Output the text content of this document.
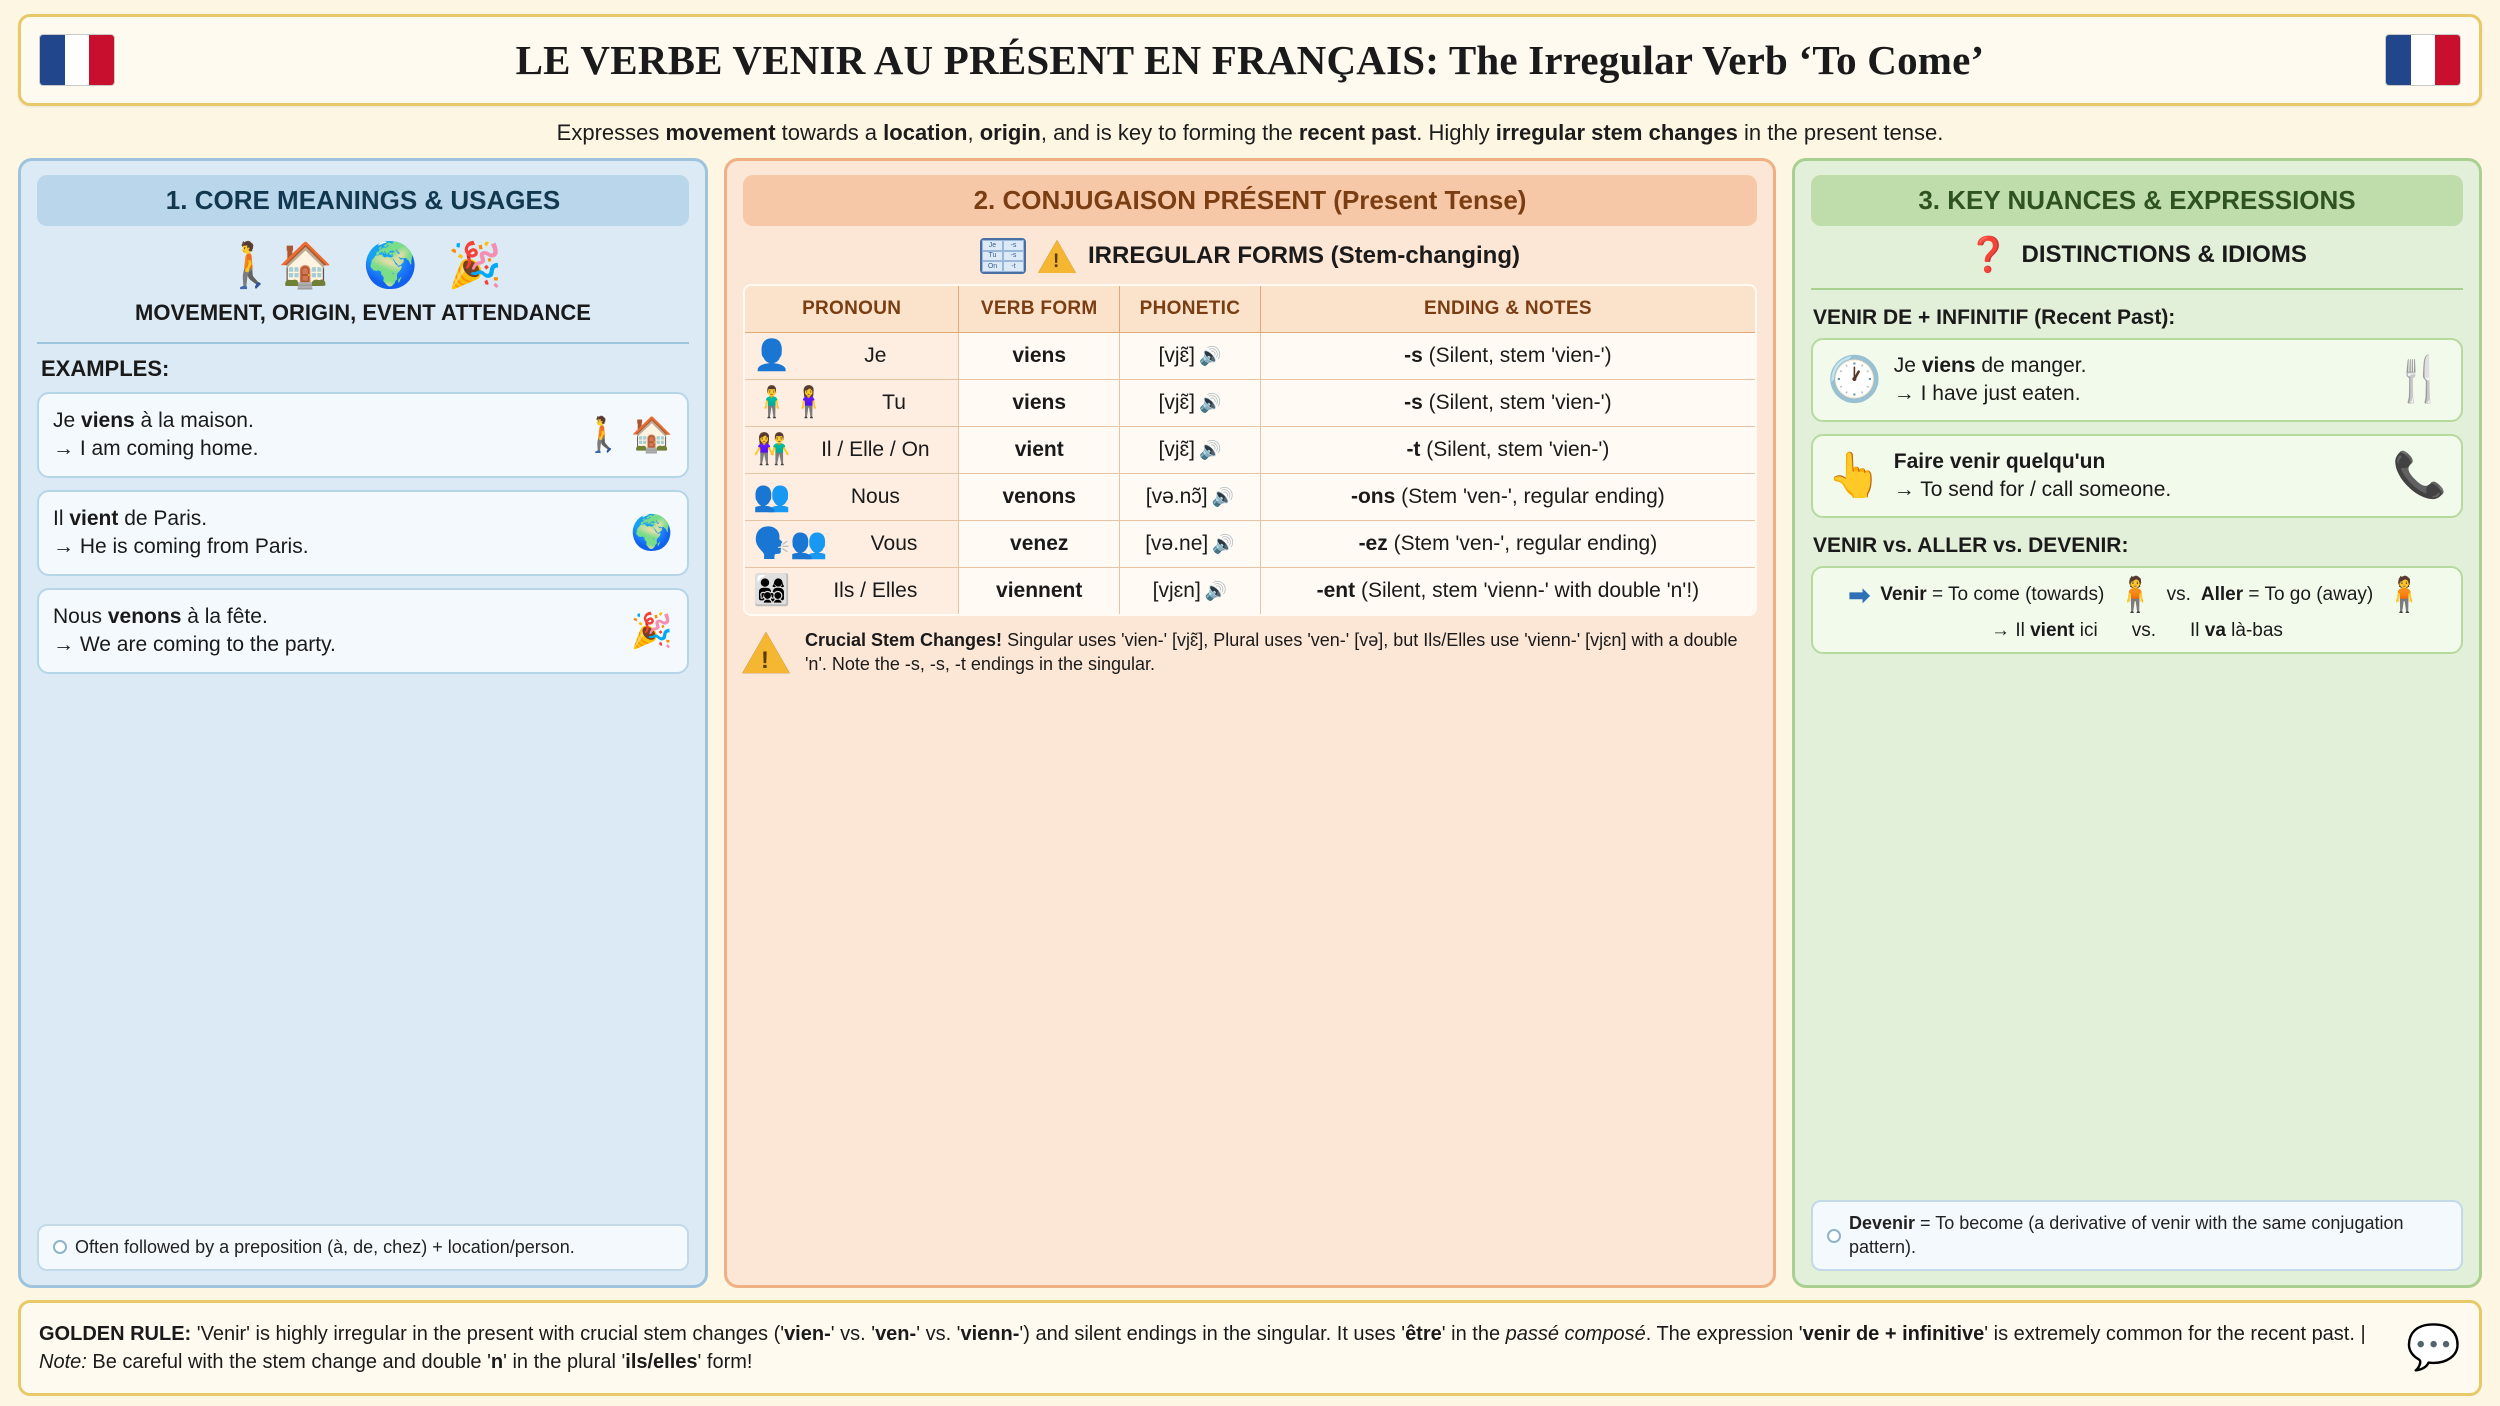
LE VERBE VENIR AU PRÉSENT EN FRANÇAIS: The Irregular Verb ‘To Come’
Expresses movement towards a location, origin, and is key to forming the recent past. Highly irregular stem changes in the present tense.
1. CORE MEANINGS & USAGES
🚶🏠 🌍 🎉
MOVEMENT, ORIGIN, EVENT ATTENDANCE
EXAMPLES:
Je viens à la maison.
→ I am coming home.	🚶 🏠
Il vient de Paris.
→ He is coming from Paris.	🌍
Nous venons à la fête.
→ We are coming to the party.	🎉
Often followed by a preposition (à, de, chez) + location/person.
2. CONJUGAISON PRÉSENT (Present Tense)
Je	-s
Tu	-s
On	-t !	IRREGULAR FORMS (Stem-changing)
PRONOUN	VERB FORM	PHONETIC	ENDING & NOTES

👤 Je	viens	[vjɛ̃] 🔊	-s (Silent, stem 'vien-')

🧍‍♂️🧍‍♀️ Tu	viens	[vjɛ̃] 🔊	-s (Silent, stem 'vien-')

👫 Il / Elle / On	vient	[vjɛ̃] 🔊	-t (Silent, stem 'vien-')

👥 Nous	venons	[və.nɔ̃] 🔊	-ons (Stem 'ven-', regular ending)

🗣️👥 Vous	venez	[və.ne] 🔊	-ez (Stem 'ven-', regular ending)

👨‍👩‍👧‍👦 Ils / Elles	viennent	[vjɛn] 🔊	-ent (Silent, stem 'vienn-' with double 'n'!)
!
Crucial Stem Changes! Singular uses 'vien-' [vjɛ̃], Plural uses 'ven-' [və], but Ils/Elles use 'vienn-' [vjɛn] with a double 'n'. Note the -s, -s, -t endings in the singular.
3. KEY NUANCES & EXPRESSIONS
❓ DISTINCTIONS & IDIOMS
VENIR DE + INFINITIF (Recent Past):
🕐 Je viens de manger.
→ I have just eaten.	🍴
👆 Faire venir quelqu'un
→ To send for / call someone.	📞
VENIR vs. ALLER vs. DEVENIR:
➡ Venir = To come (towards) 🧍 vs. Aller = To go (away) 🧍
→ Il vient ici vs. Il va là-bas
Devenir = To become (a derivative of venir with the same conjugation pattern).
GOLDEN RULE: 'Venir' is highly irregular in the present with crucial stem changes ('vien-' vs. 'ven-' vs. 'vienn-') and silent endings in the singular. It uses 'être' in the passé composé. The expression 'venir de + infinitive' is extremely common for the recent past. | Note: Be careful with the stem change and double 'n' in the plural 'ils/elles' form!	💬
